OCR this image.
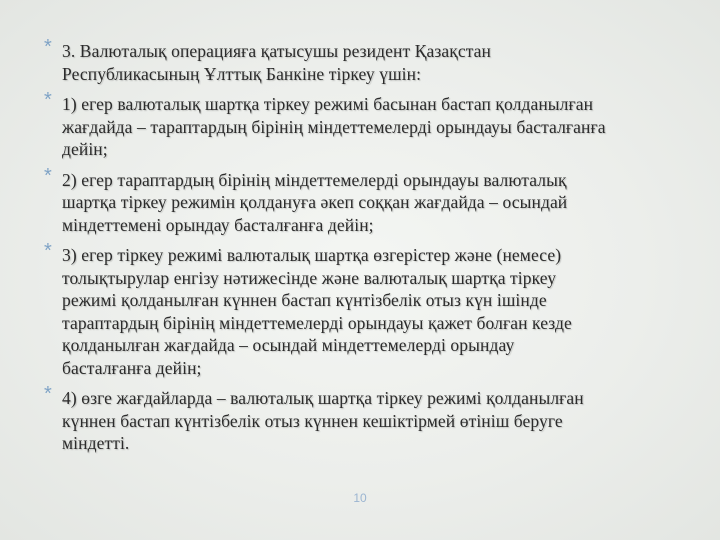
* 3. Валюталық операцияға қатысушы резидент Қазақстан
Республикасының Ұлттық Банкіне тіркеу үшін:
* 1) егер валюталық шартқа тіркеу режимі басынан бастап қолданылған
жағдайда – тараптардың бірінің міндеттемелерді орындауы басталғанға
дейін;
* 2) егер тараптардың бірінің міндеттемелерді орындауы валюталық
шартқа тіркеу режимін қолдануға әкеп соққан жағдайда – осындай
міндеттемені орындау басталғанға дейін;
* 3) егер тіркеу режимі валюталық шартқа өзгерістер және (немесе)
толықтырулар енгізу нәтижесінде және валюталық шартқа тіркеу
режимі қолданылған күннен бастап күнтізбелік отыз күн ішінде
тараптардың бірінің міндеттемелерді орындауы қажет болған кезде
қолданылған жағдайда – осындай міндеттемелерді орындау
басталғанға дейін;
* 4) өзге жағдайларда – валюталық шартқа тіркеу режимі қолданылған
күннен бастап күнтізбелік отыз күннен кешіктірмей өтініш беруге
міндетті.
10
